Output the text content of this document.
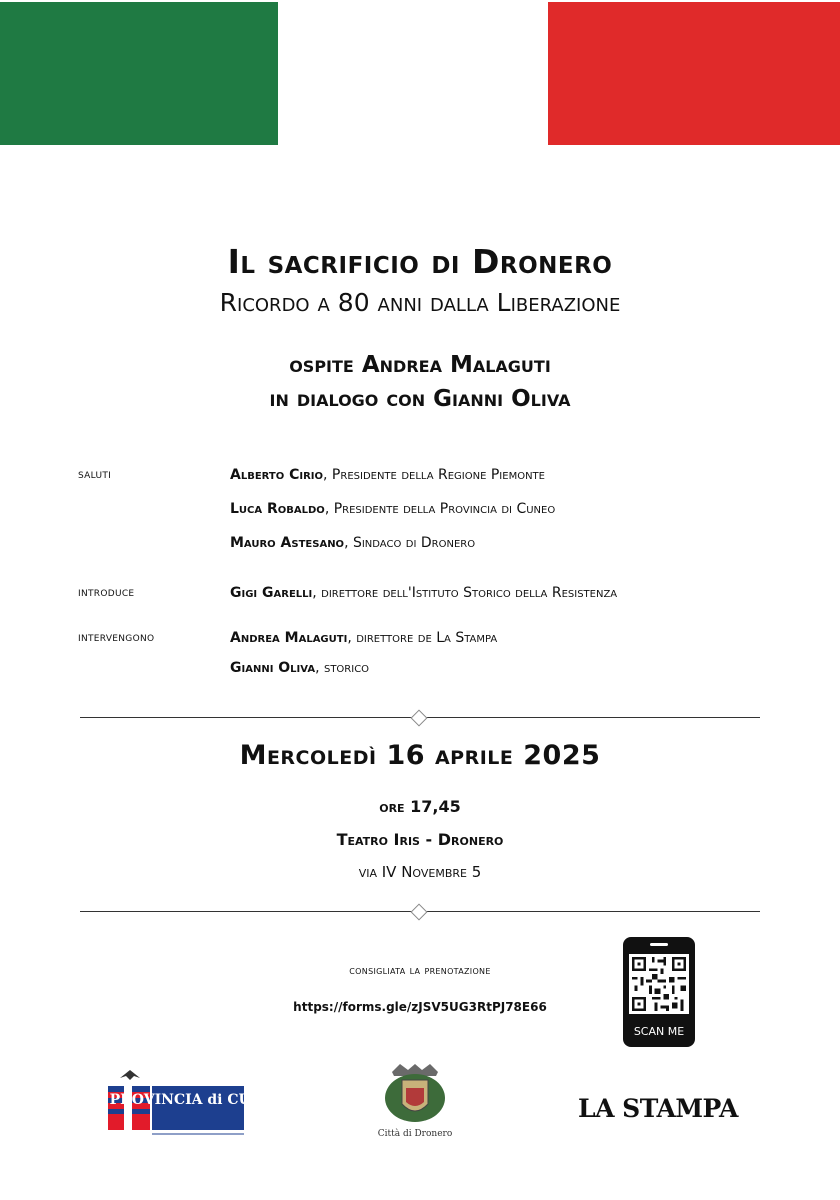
Il sacrificio di Dronero
Ricordo a 80 anni dalla Liberazione
ospite Andrea Malaguti
in dialogo con Gianni Oliva
saluti	Alberto Cirio, Presidente della Regione Piemonte
Luca Robaldo, Presidente della Provincia di Cuneo
Mauro Astesano, Sindaco di Dronero
introduce	Gigi Garelli, direttore dell'Istituto Storico della Resistenza
intervengono	Andrea Malaguti, direttore de La Stampa
Gianni Oliva, storico
Mercoledì 16 aprile 2025
ore 17,45
Teatro Iris - Dronero
via IV Novembre 5
consigliata la prenotazione
https://forms.gle/zJSV5UG3RtPJ78E66
SCAN ME
PROVINCIA di CUNEO
Città di Dronero
LA STAMPA
